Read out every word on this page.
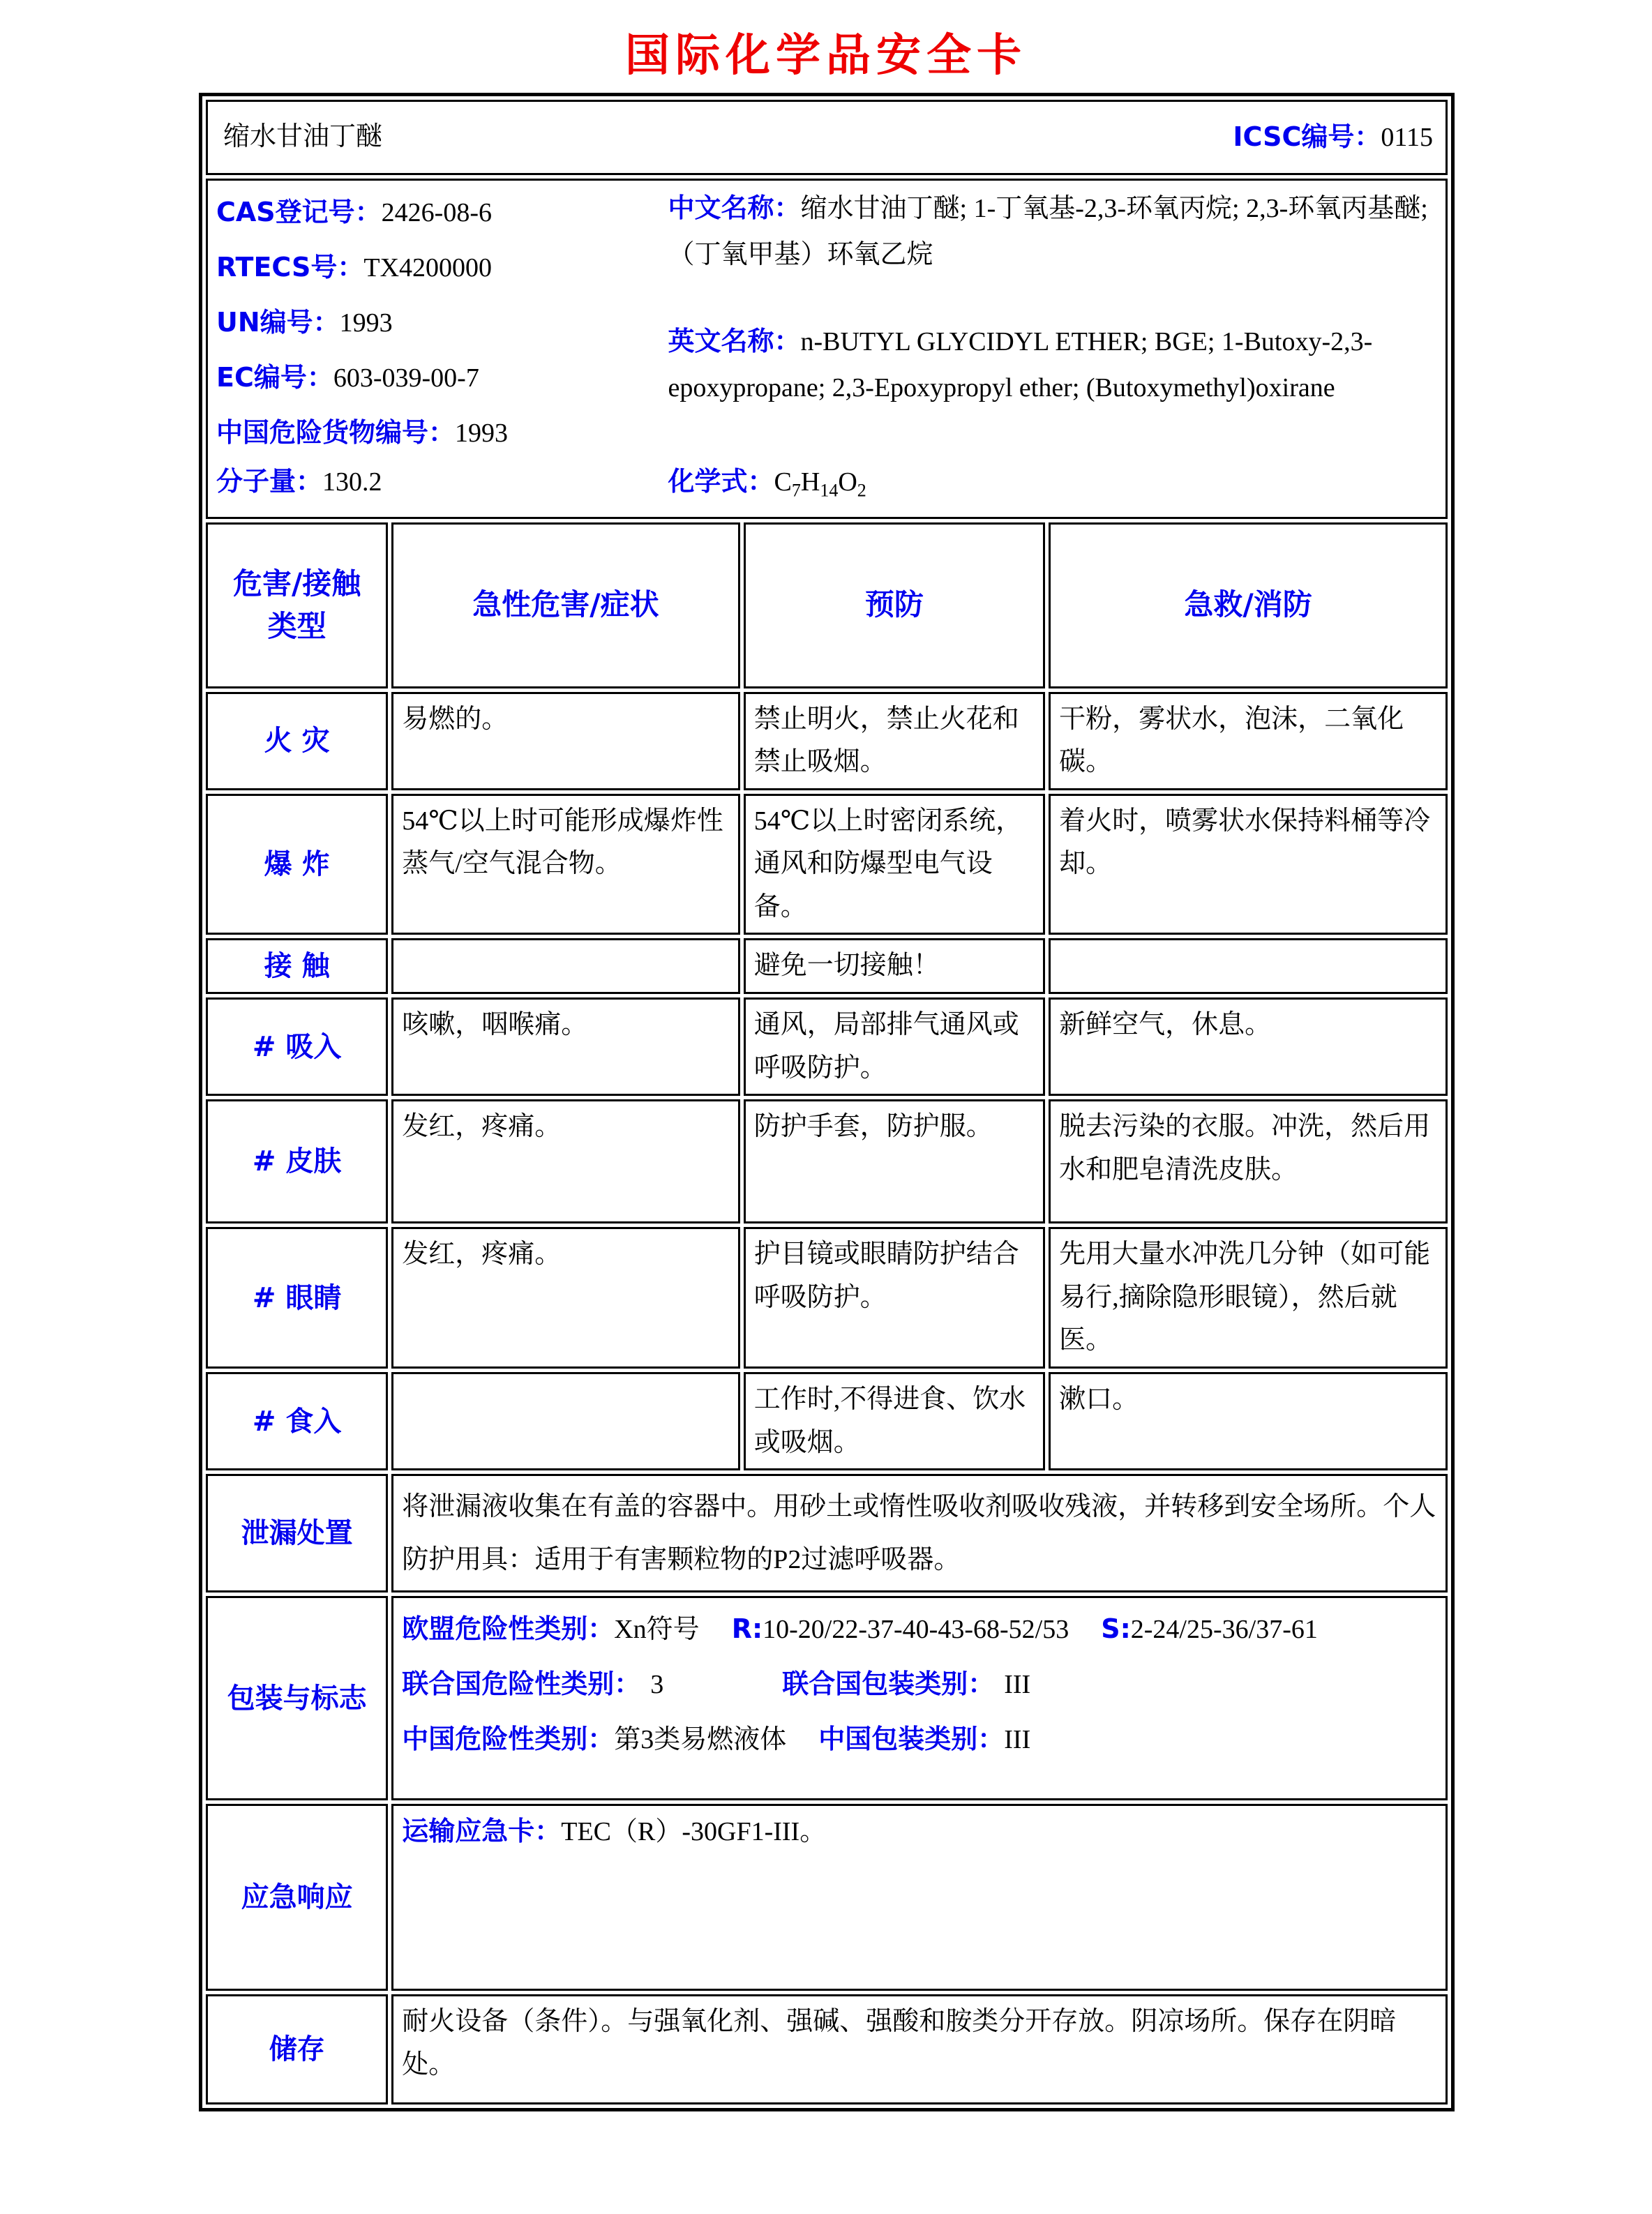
国际化学品安全卡
缩水甘油丁醚 ICSC编号：0115			

CAS登记号：2426-08-6
RTECS号：TX4200000
UN编号：1993
EC编号：603-039-00-7
中国危险货物编号：1993

中文名称：缩水甘油丁醚; 1-丁氧基-2,3-环氧丙烷; 2,3-环氧丙基醚; （丁氧甲基）环氧乙烷

英文名称：n-BUTYL GLYCIDYL ETHER; BGE; 1-Butoxy-2,3-epoxypropane; 2,3-Epoxypropyl ether; (Butoxymethyl)oxirane

分子量：130.2	化学式：$C_7H_{14}O_2$

危害/接触
类型	急性危害/症状	预防	急救/消防
火 灾	易燃的。	禁止明火，禁止火花和禁止吸烟。	干粉，雾状水，泡沫，二氧化碳。
爆 炸	54℃以上时可能形成爆炸性蒸气/空气混合物。	54℃以上时密闭系统，通风和防爆型电气设备。	着火时，喷雾状水保持料桶等冷却。
接 触		避免一切接触！	
# 吸入	咳嗽，咽喉痛。	通风，局部排气通风或呼吸防护。	新鲜空气，休息。
# 皮肤	发红，疼痛。	防护手套，防护服。	脱去污染的衣服。冲洗，然后用水和肥皂清洗皮肤。
# 眼睛	发红，疼痛。	护目镜或眼睛防护结合呼吸防护。	先用大量水冲洗几分钟（如可能易行,摘除隐形眼镜），然后就医。
# 食入		工作时,不得进食、饮水或吸烟。	漱口。
泄漏处置	将泄漏液收集在有盖的容器中。用砂土或惰性吸收剂吸收残液，并转移到安全场所。个人防护用具：适用于有害颗粒物的P2过滤呼吸器。		
包装与标志	欧盟危险性类别：Xn符号 R:10-20/22-37-40-43-68-52/53 S:2-24/25-36/37-61

联合国危险性类别： 3 联合国包装类别： III

中国危险性类别：第3类易燃液体 中国包装类别：III		

应急响应	运输应急卡：TEC（R）-30GF1-III。		
储存	耐火设备（条件）。与强氧化剂、强碱、强酸和胺类分开存放。阴凉场所。保存在阴暗处。		
